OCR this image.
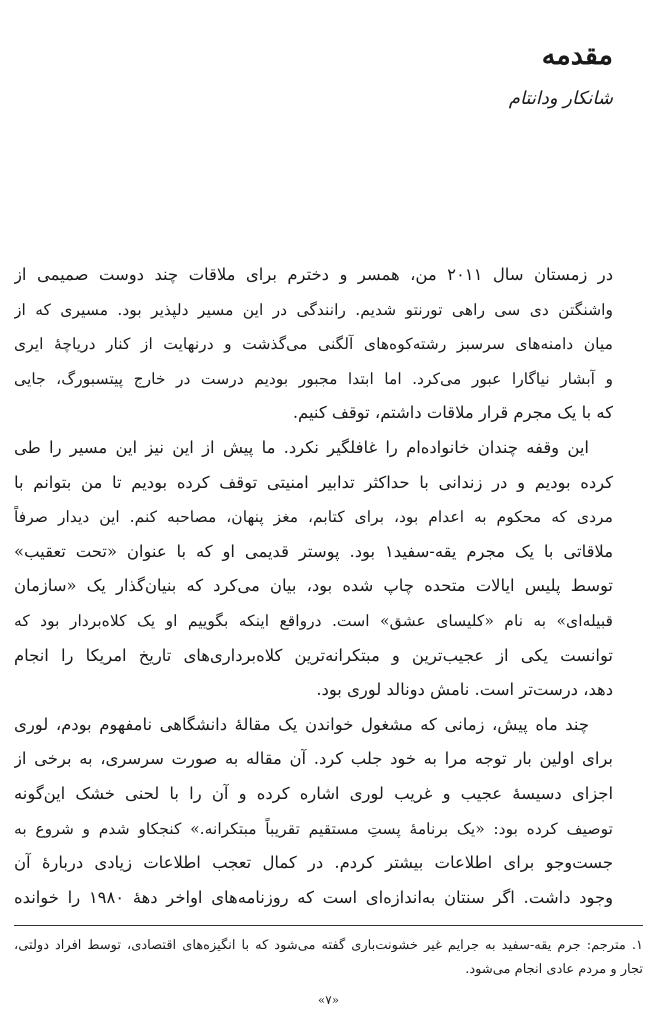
مقدمه
شانکار ودانتام
در زمستان سال ۲۰۱۱ من، همسر و دخترم برای ملاقات چند دوست صمیمی از
واشنگتن دی سی راهی تورنتو شدیم. رانندگی در این مسیر دلپذیر بود. مسیری که از
میان دامنه‌های سرسبز رشته‌کوه‌های آلگنی می‌گذشت و درنهایت از کنار دریاچهٔ ایری
و آبشار نیاگارا عبور می‌کرد. اما ابتدا مجبور بودیم درست در خارج پیتسبورگ، جایی
که با یک مجرم قرار ملاقات داشتم، توقف کنیم.
این وقفه چندان خانواده‌ام را غافلگیر نکرد. ما پیش از این نیز این مسیر را طی
کرده بودیم و در زندانی با حداکثر تدابیر امنیتی توقف کرده بودیم تا من بتوانم با
مردی که محکوم به اعدام بود، برای کتابم، مغز پنهان، مصاحبه کنم. این دیدار صرفاً
ملاقاتی با یک مجرم یقه-سفید۱ بود. پوستر قدیمی او که با عنوان «تحت تعقیب»
توسط پلیس ایالات متحده چاپ شده بود، بیان می‌کرد که بنیان‌گذار یک «سازمان
قبیله‌ای» به نام «کلیسای عشق» است. درواقع اینکه بگوییم او یک کلاه‌بردار بود که
توانست یکی از عجیب‌ترین و مبتکرانه‌ترین کلاه‌برداری‌های تاریخ امریکا را انجام
دهد، درست‌تر است. نامش دونالد لوری بود.
چند ماه پیش، زمانی که مشغول خواندن یک مقالهٔ دانشگاهی نامفهوم بودم، لوری
برای اولین بار توجه مرا به خود جلب کرد. آن مقاله به صورت سرسری، به برخی از
اجزای دسیسهٔ عجیب و غریب لوری اشاره کرده و آن را با لحنی خشک این‌گونه
توصیف کرده بود: «یک برنامهٔ پستِ مستقیم تقریباً مبتکرانه.» کنجکاو شدم و شروع به
جست‌وجو برای اطلاعات بیشتر کردم. در کمال تعجب اطلاعات زیادی دربارهٔ آن
وجود داشت. اگر سنتان به‌اندازه‌ای است که روزنامه‌های اواخر دههٔ ۱۹۸۰ را خوانده
۱. مترجم: جرم یقه-سفید به جرایم غیر خشونت‌باری گفته می‌شود که با انگیزه‌های اقتصادی، توسط افراد دولتی،
تجار و مردم عادی انجام می‌شود.
«۷»
